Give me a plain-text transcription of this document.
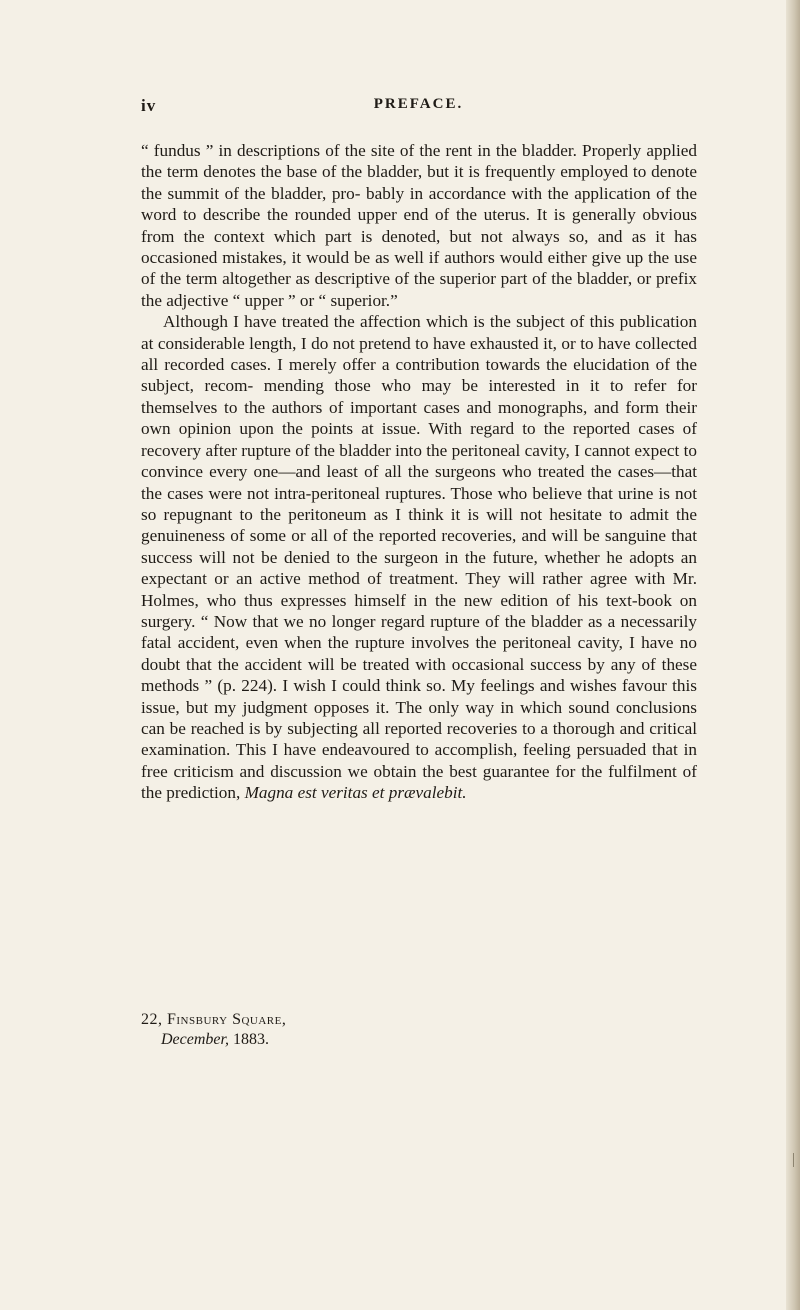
iv	PREFACE.

“ fundus ” in descriptions of the site of the rent in the bladder. Properly applied the term denotes the base of the bladder, but it is frequently employed to denote the summit of the bladder, pro- bably in accordance with the application of the word to describe the rounded upper end of the uterus. It is generally obvious from the context which part is denoted, but not always so, and as it has occasioned mistakes, it would be as well if authors would either give up the use of the term altogether as descriptive of the superior part of the bladder, or prefix the adjective “ upper ” or “ superior.”

Although I have treated the affection which is the subject of this publication at considerable length, I do not pretend to have exhausted it, or to have collected all recorded cases. I merely offer a contribution towards the elucidation of the subject, recom- mending those who may be interested in it to refer for themselves to the authors of important cases and monographs, and form their own opinion upon the points at issue. With regard to the reported cases of recovery after rupture of the bladder into the peritoneal cavity, I cannot expect to convince every one—and least of all the surgeons who treated the cases—that the cases were not intra-peritoneal ruptures. Those who believe that urine is not so repugnant to the peritoneum as I think it is will not hesitate to admit the genuineness of some or all of the reported recoveries, and will be sanguine that success will not be denied to the surgeon in the future, whether he adopts an expectant or an active method of treatment. They will rather agree with Mr. Holmes, who thus expresses himself in the new edition of his text-book on surgery. “ Now that we no longer regard rupture of the bladder as a necessarily fatal accident, even when the rupture involves the peritoneal cavity, I have no doubt that the accident will be treated with occasional success by any of these methods ” (p. 224). I wish I could think so. My feelings and wishes favour this issue, but my judgment opposes it. The only way in which sound conclusions can be reached is by subjecting all reported recoveries to a thorough and critical examination. This I have endeavoured to accomplish, feeling persuaded that in free criticism and discussion we obtain the best guarantee for the fulfilment of the prediction, Magna est veritas et prævalebit.

22, Finsbury Square,
December, 1883.
